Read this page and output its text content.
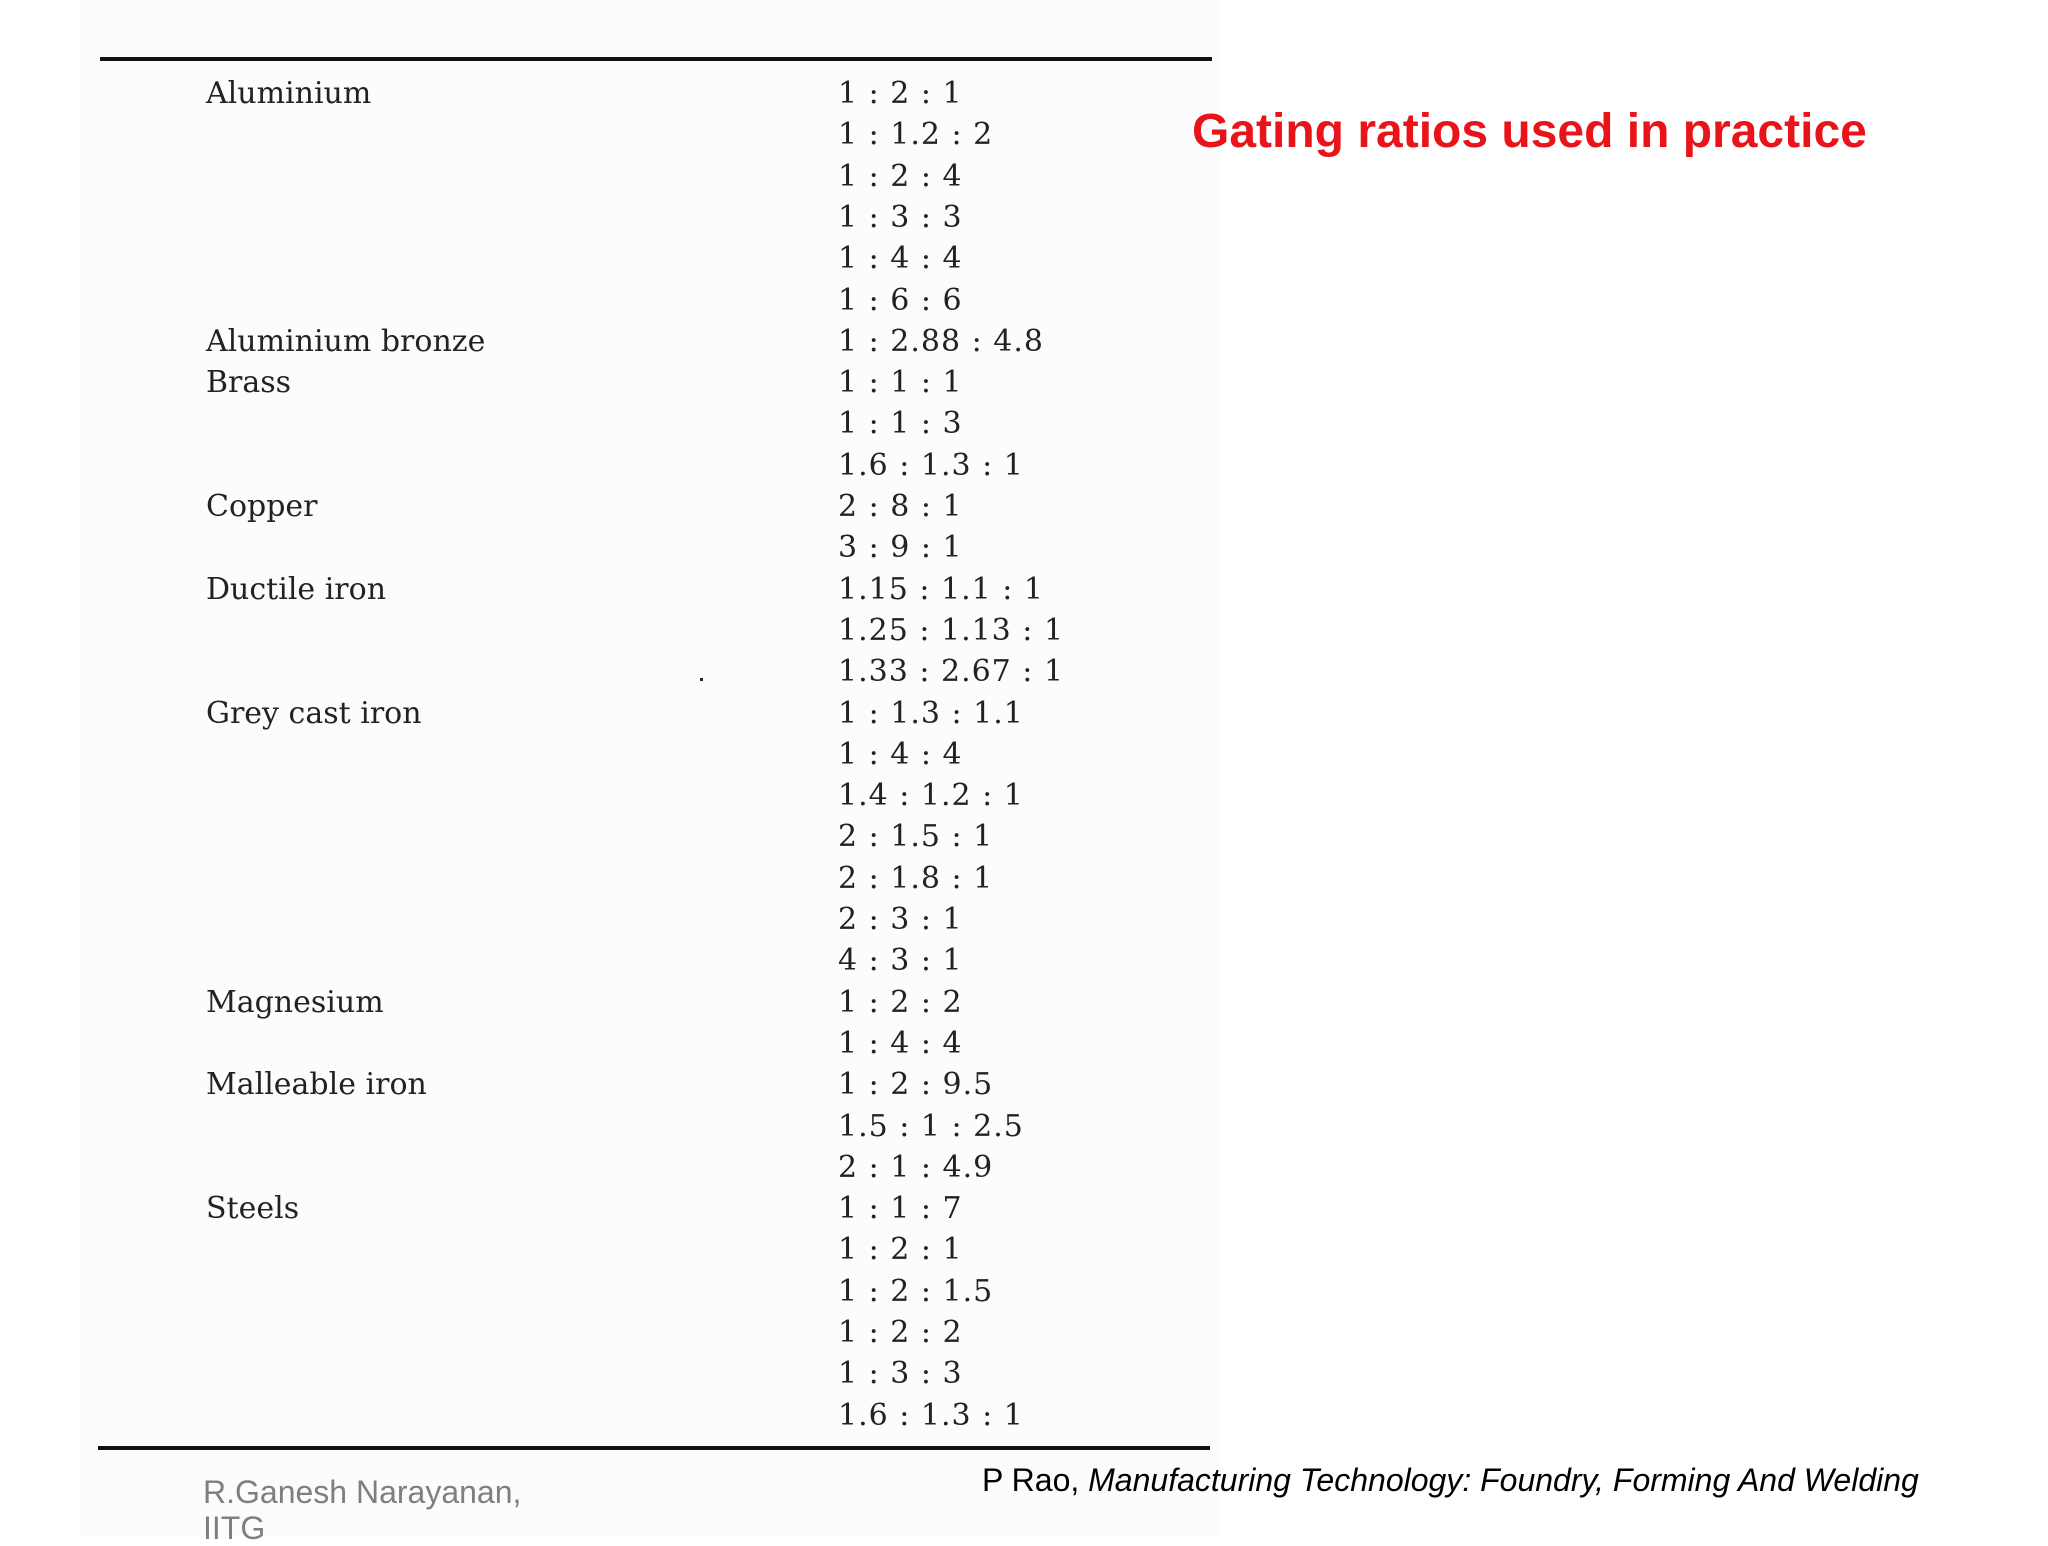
Aluminium	1 : 2 : 1
1 : 1.2 : 2
1 : 2 : 4
1 : 3 : 3
1 : 4 : 4
1 : 6 : 6
Aluminium bronze	1 : 2.88 : 4.8
Brass	1 : 1 : 1
1 : 1 : 3
1.6 : 1.3 : 1
Copper	2 : 8 : 1
3 : 9 : 1
Ductile iron	1.15 : 1.1 : 1
1.25 : 1.13 : 1
1.33 : 2.67 : 1
Grey cast iron	1 : 1.3 : 1.1
1 : 4 : 4
1.4 : 1.2 : 1
2 : 1.5 : 1
2 : 1.8 : 1
2 : 3 : 1
4 : 3 : 1
Magnesium	1 : 2 : 2
1 : 4 : 4
Malleable iron	1 : 2 : 9.5
1.5 : 1 : 2.5
2 : 1 : 4.9
Steels	1 : 1 : 7
1 : 2 : 1
1 : 2 : 1.5
1 : 2 : 2
1 : 3 : 3
1.6 : 1.3 : 1
Gating ratios used in practice
R.Ganesh Narayanan,
IITG
P Rao, Manufacturing Technology: Foundry, Forming And Welding
